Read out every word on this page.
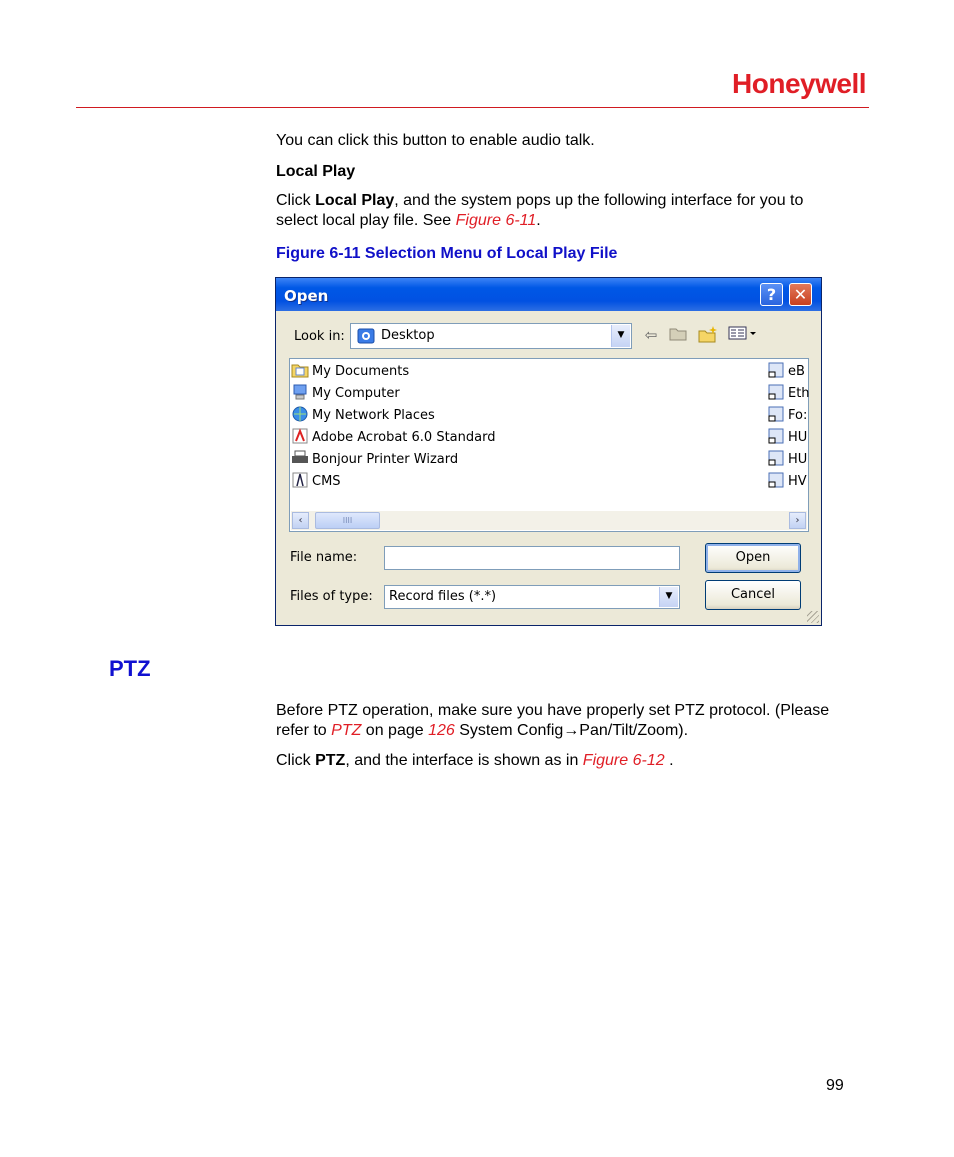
Honeywell
You can click this button to enable audio talk.
Local Play
Click Local Play, and the system pops up the following interface for you to select local play file. See Figure 6-11.
Figure 6-11 Selection Menu of Local Play File
Open	?	✕
Look in:	Desktop	▼	⇦
My Documents
My Computer
My Network Places
Adobe Acrobat 6.0 Standard
Bonjour Printer Wizard
CMS
eB
Eth
Fo:
HU
HU
HV
‹	IIII	›
File name:
Files of type: Record files (*.*)	▼
Open
Cancel
PTZ
Before PTZ operation, make sure you have properly set PTZ protocol. (Please refer to PTZ on page 126 System Config→Pan/Tilt/Zoom).
Click PTZ, and the interface is shown as in Figure 6-12 .
99
